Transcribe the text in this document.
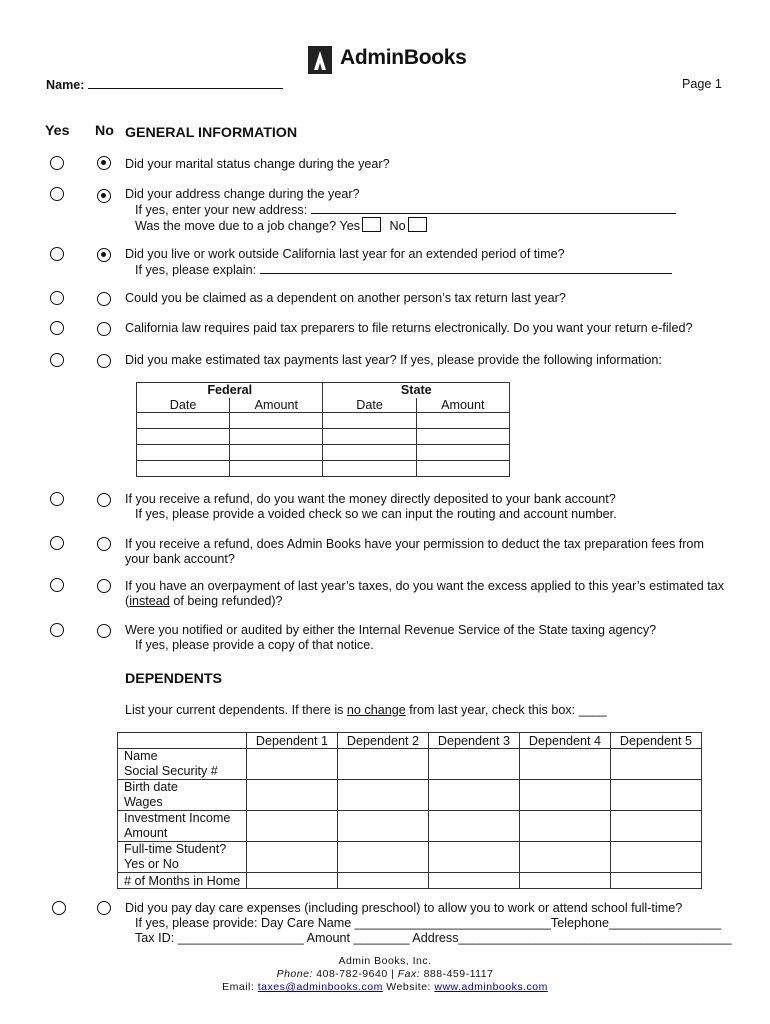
AdminBooks
Name:	Page 1
Yes No GENERAL INFORMATION
Did your marital status change during the year?
Did your address change during the year?
If yes, enter your new address:
Was the move due to a job change? Yes No
Did you live or work outside California last year for an extended period of time?
If yes, please explain:
Could you be claimed as a dependent on another person’s tax return last year?
California law requires paid tax preparers to file returns electronically. Do you want your return e-filed?
Did you make estimated tax payments last year? If yes, please provide the following information:
Federal		State	
Date	Amount	Date	Amount

If you receive a refund, do you want the money directly deposited to your bank account?
If yes, please provide a voided check so we can input the routing and account number.
If you receive a refund, does Admin Books have your permission to deduct the tax preparation fees from
your bank account?
If you have an overpayment of last year’s taxes, do you want the excess applied to this year’s estimated tax
(instead of being refunded)?
Were you notified or audited by either the Internal Revenue Service of the State taxing agency?
If yes, please provide a copy of that notice.
DEPENDENTS
List your current dependents. If there is no change from last year, check this box: ____
	Dependent 1	Dependent 2	Dependent 3	Dependent 4	Dependent 5

Name
Social Security #					

Birth date
Wages					

Investment Income
Amount					

Full-time Student?
Yes or No					

# of Months in Home					
Did you pay day care expenses (including preschool) to allow you to work or attend school full-time?
If yes, please provide: Day Care Name ____________________________Telephone________________
Tax ID: __________________ Amount ________ Address_______________________________________
Admin Books, Inc.
Phone: 408-782-9640 | Fax: 888-459-1117
Email: taxes@adminbooks.com Website: www.adminbooks.com
